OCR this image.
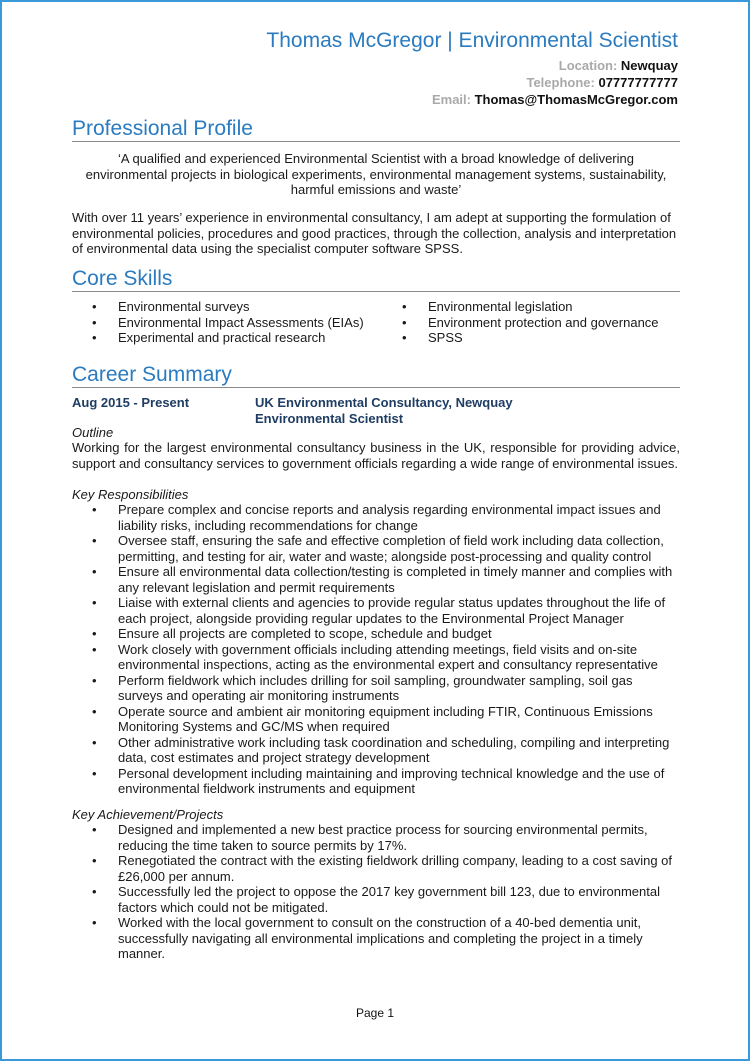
Thomas McGregor | Environmental Scientist
Location: Newquay
Telephone: 07777777777
Email: Thomas@ThomasMcGregor.com
Professional Profile

‘A qualified and experienced Environmental Scientist with a broad knowledge of delivering environmental projects in biological experiments, environmental management systems, sustainability, harmful emissions and waste’

With over 11 years’ experience in environmental consultancy, I am adept at supporting the formulation of environmental policies, procedures and good practices, through the collection, analysis and interpretation of environmental data using the specialist computer software SPSS.

Core Skills
• Environmental surveys
• Environmental Impact Assessments (EIAs)
• Experimental and practical research
• Environmental legislation
• Environment protection and governance
• SPSS
Career Summary
Aug 2015 - Present	UK Environmental Consultancy, Newquay
Environmental Scientist

Outline

Working for the largest environmental consultancy business in the UK, responsible for providing advice, support and consultancy services to government officials regarding a wide range of environmental issues.

Key Responsibilities

• Prepare complex and concise reports and analysis regarding environmental impact issues and liability risks, including recommendations for change
• Oversee staff, ensuring the safe and effective completion of field work including data collection, permitting, and testing for air, water and waste; alongside post-processing and quality control
• Ensure all environmental data collection/testing is completed in timely manner and complies with any relevant legislation and permit requirements
• Liaise with external clients and agencies to provide regular status updates throughout the life of each project, alongside providing regular updates to the Environmental Project Manager
• Ensure all projects are completed to scope, schedule and budget
• Work closely with government officials including attending meetings, field visits and on-site environmental inspections, acting as the environmental expert and consultancy representative
• Perform fieldwork which includes drilling for soil sampling, groundwater sampling, soil gas surveys and operating air monitoring instruments
• Operate source and ambient air monitoring equipment including FTIR, Continuous Emissions Monitoring Systems and GC/MS when required
• Other administrative work including task coordination and scheduling, compiling and interpreting data, cost estimates and project strategy development
• Personal development including maintaining and improving technical knowledge and the use of environmental fieldwork instruments and equipment

Key Achievement/Projects

• Designed and implemented a new best practice process for sourcing environmental permits, reducing the time taken to source permits by 17%.
• Renegotiated the contract with the existing fieldwork drilling company, leading to a cost saving of £26,000 per annum.
• Successfully led the project to oppose the 2017 key government bill 123, due to environmental factors which could not be mitigated.
• Worked with the local government to consult on the construction of a 40-bed dementia unit, successfully navigating all environmental implications and completing the project in a timely manner.
Page 1
